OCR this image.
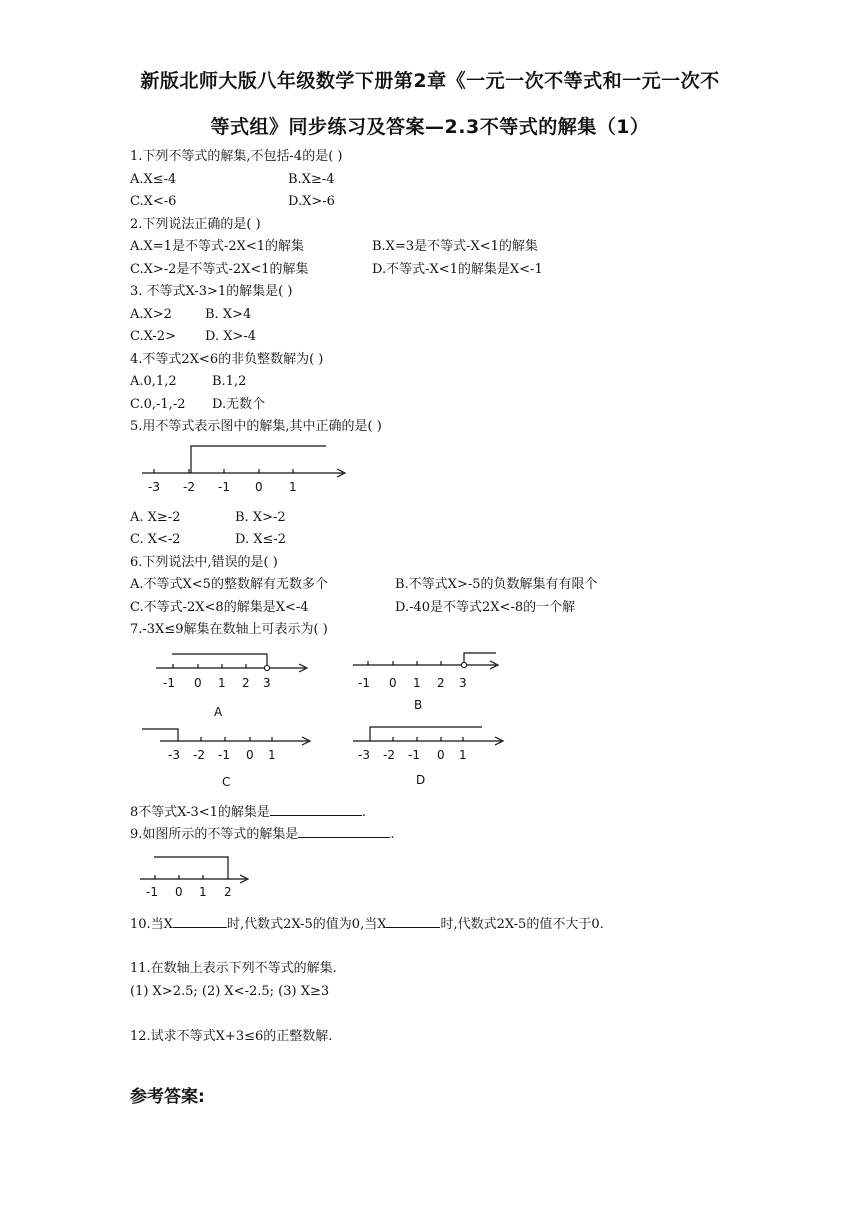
新版北师大版八年级数学下册第2章《一元一次不等式和一元一次不
等式组》同步练习及答案—2.3不等式的解集（1）
1.下列不等式的解集,不包括-4的是( )
A.X≤-4	B.X≥-4
C.X<-6	D.X>-6
2.下列说法正确的是( )
A.X=1是不等式-2X<1的解集	B.X=3是不等式-X<1的解集
C.X>-2是不等式-2X<1的解集	D.不等式-X<1的解集是X<-1
3. 不等式X-3>1的解集是( )
A.X>2	B. X>4
C.X-2> D. X>-4
4.不等式2X<6的非负整数解为( )
A.0,1,2	B.1,2
C.0,-1,-2 D.无数个
5.用不等式表示图中的解集,其中正确的是( )
-3 -2 -1 0 1
A. X≥-2	B. X>-2
C. X<-2	D. X≤-2
6.下列说法中,错误的是( )
A.不等式X<5的整数解有无数多个	B.不等式X>-5的负数解集有有限个
C.不等式-2X<8的解集是X<-4	D.-40是不等式2X<-8的一个解
7.-3X≤9解集在数轴上可表示为( )
-1 0 1 2 3
A
-1 0 1 2 3
B
-3 -2 -1 0 1
C
-3 -2 -1 0 1
D
8不等式X-3<1的解集是	.
9.如图所示的不等式的解集是	.
-1 0 1 2
10.当X	时,代数式2X-5的值为0,当X	时,代数式2X-5的值不大于0.
11.在数轴上表示下列不等式的解集.
(1) X>2.5; (2) X<-2.5; (3) X≥3
12.试求不等式X+3≤6的正整数解.
参考答案:
